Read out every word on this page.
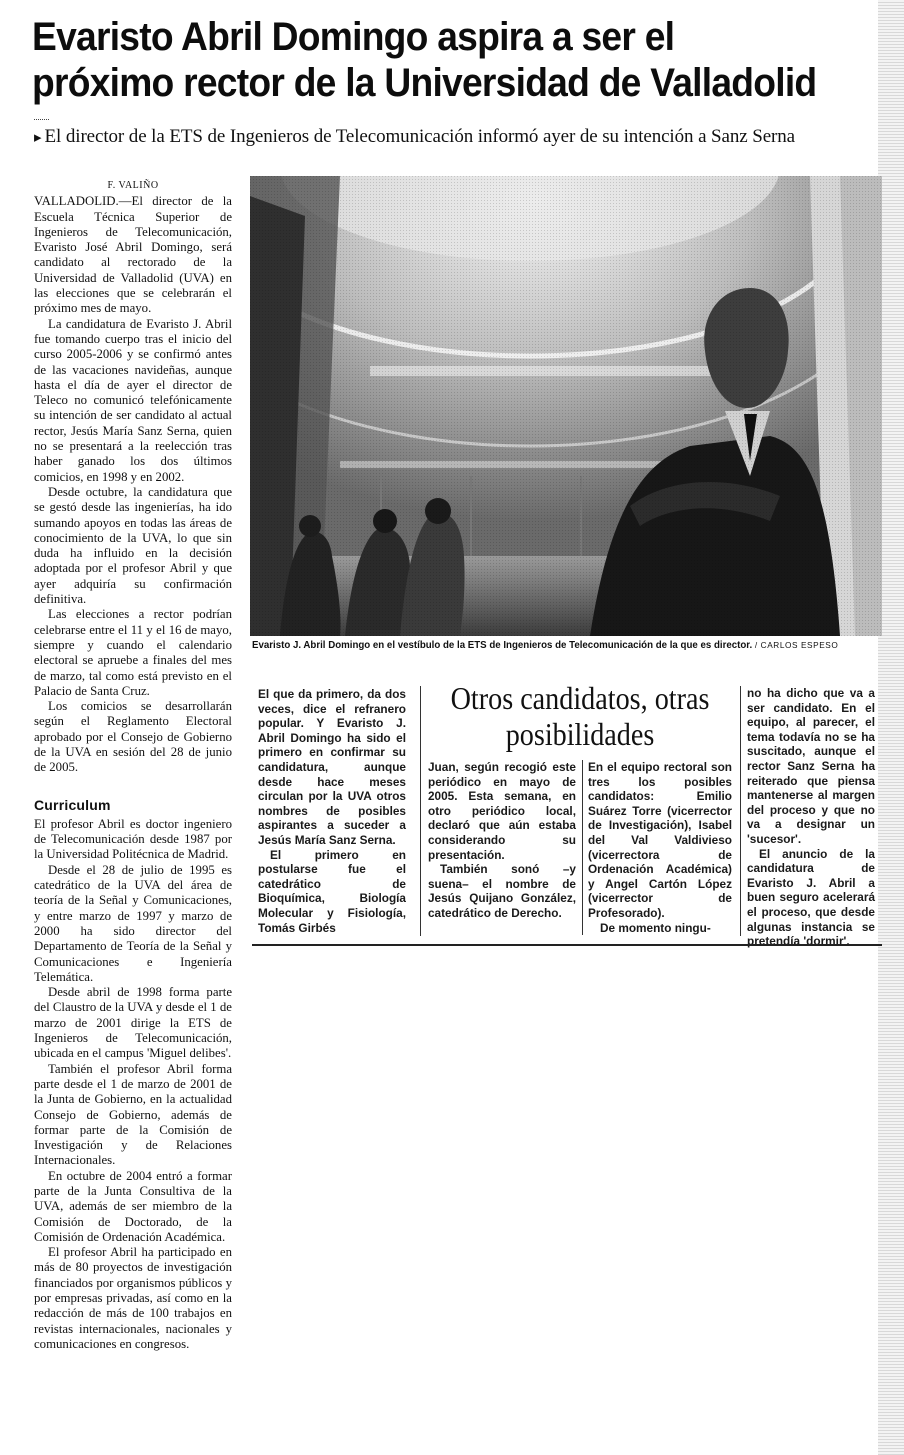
Evaristo Abril Domingo aspira a ser el próximo rector de la Universidad de Valladolid
▸ El director de la ETS de Ingenieros de Telecomunicación informó ayer de su intención a Sanz Serna
F. VALIÑO

VALLADOLID.—El director de la Escuela Técnica Superior de Ingenieros de Telecomunicación, Evaristo José Abril Domingo, será candidato al rectorado de la Universidad de Valladolid (UVA) en las elecciones que se celebrarán el próximo mes de mayo.

La candidatura de Evaristo J. Abril fue tomando cuerpo tras el inicio del curso 2005-2006 y se confirmó antes de las vacaciones navideñas, aunque hasta el día de ayer el director de Teleco no comunicó telefónicamente su intención de ser candidato al actual rector, Jesús María Sanz Serna, quien no se presentará a la reelección tras haber ganado los dos últimos comicios, en 1998 y en 2002.

Desde octubre, la candidatura que se gestó desde las ingenierías, ha ido sumando apoyos en todas las áreas de conocimiento de la UVA, lo que sin duda ha influido en la decisión adoptada por el profesor Abril y que ayer adquiría su confirmación definitiva.

Las elecciones a rector podrían celebrarse entre el 11 y el 16 de mayo, siempre y cuando el calendario electoral se apruebe a finales del mes de marzo, tal como está previsto en el Palacio de Santa Cruz.

Los comicios se desarrollarán según el Reglamento Electoral aprobado por el Consejo de Gobierno de la UVA en sesión del 28 de junio de 2005.

Curriculum

El profesor Abril es doctor ingeniero de Telecomunicación desde 1987 por la Universidad Politécnica de Madrid.

Desde el 28 de julio de 1995 es catedrático de la UVA del área de teoría de la Señal y Comunicaciones, y entre marzo de 1997 y marzo de 2000 ha sido director del Departamento de Teoría de la Señal y Comunicaciones e Ingeniería Telemática.

Desde abril de 1998 forma parte del Claustro de la UVA y desde el 1 de marzo de 2001 dirige la ETS de Ingenieros de Telecomunicación, ubicada en el campus 'Miguel delibes'.

También el profesor Abril forma parte desde el 1 de marzo de 2001 de la Junta de Gobierno, en la actualidad Consejo de Gobierno, además de formar parte de la Comisión de Investigación y de Relaciones Internacionales.

En octubre de 2004 entró a formar parte de la Junta Consultiva de la UVA, además de ser miembro de la Comisión de Doctorado, de la Comisión de Ordenación Académica.

El profesor Abril ha participado en más de 80 proyectos de investigación financiados por organismos públicos y por empresas privadas, así como en la redacción de más de 100 trabajos en revistas internacionales, nacionales y comunicaciones en congresos.

Evaristo J. Abril Domingo en el vestíbulo de la ETS de Ingenieros de Telecomunicación de la que es director. / CARLOS ESPESO

El que da primero, da dos veces, dice el refranero popular. Y Evaristo J. Abril Domingo ha sido el primero en confirmar su candidatura, aunque desde hace meses circulan por la UVA otros nombres de posibles aspirantes a suceder a Jesús María Sanz Serna.

El primero en postularse fue el catedrático de Bioquímica, Biología Molecular y Fisiología, Tomás Girbés

Otros candidatos, otras posibilidades

Juan, según recogió este periódico en mayo de 2005. Esta semana, en otro periódico local, declaró que aún estaba considerando su presentación.

También sonó –y suena– el nombre de Jesús Quijano González, catedrático de Derecho.

En el equipo rectoral son tres los posibles candidatos: Emilio Suárez Torre (vicerrector de Investigación), Isabel del Val Valdivieso (vicerrectora de Ordenación Académica) y Angel Cartón López (vicerrector de Profesorado).

De momento ningu-

no ha dicho que va a ser candidato. En el equipo, al parecer, el tema todavía no se ha suscitado, aunque el rector Sanz Serna ha reiterado que piensa mantenerse al margen del proceso y que no va a designar un 'sucesor'.

El anuncio de la candidatura de Evaristo J. Abril a buen seguro acelerará el proceso, que desde algunas instancia se pretendía 'dormir'.
